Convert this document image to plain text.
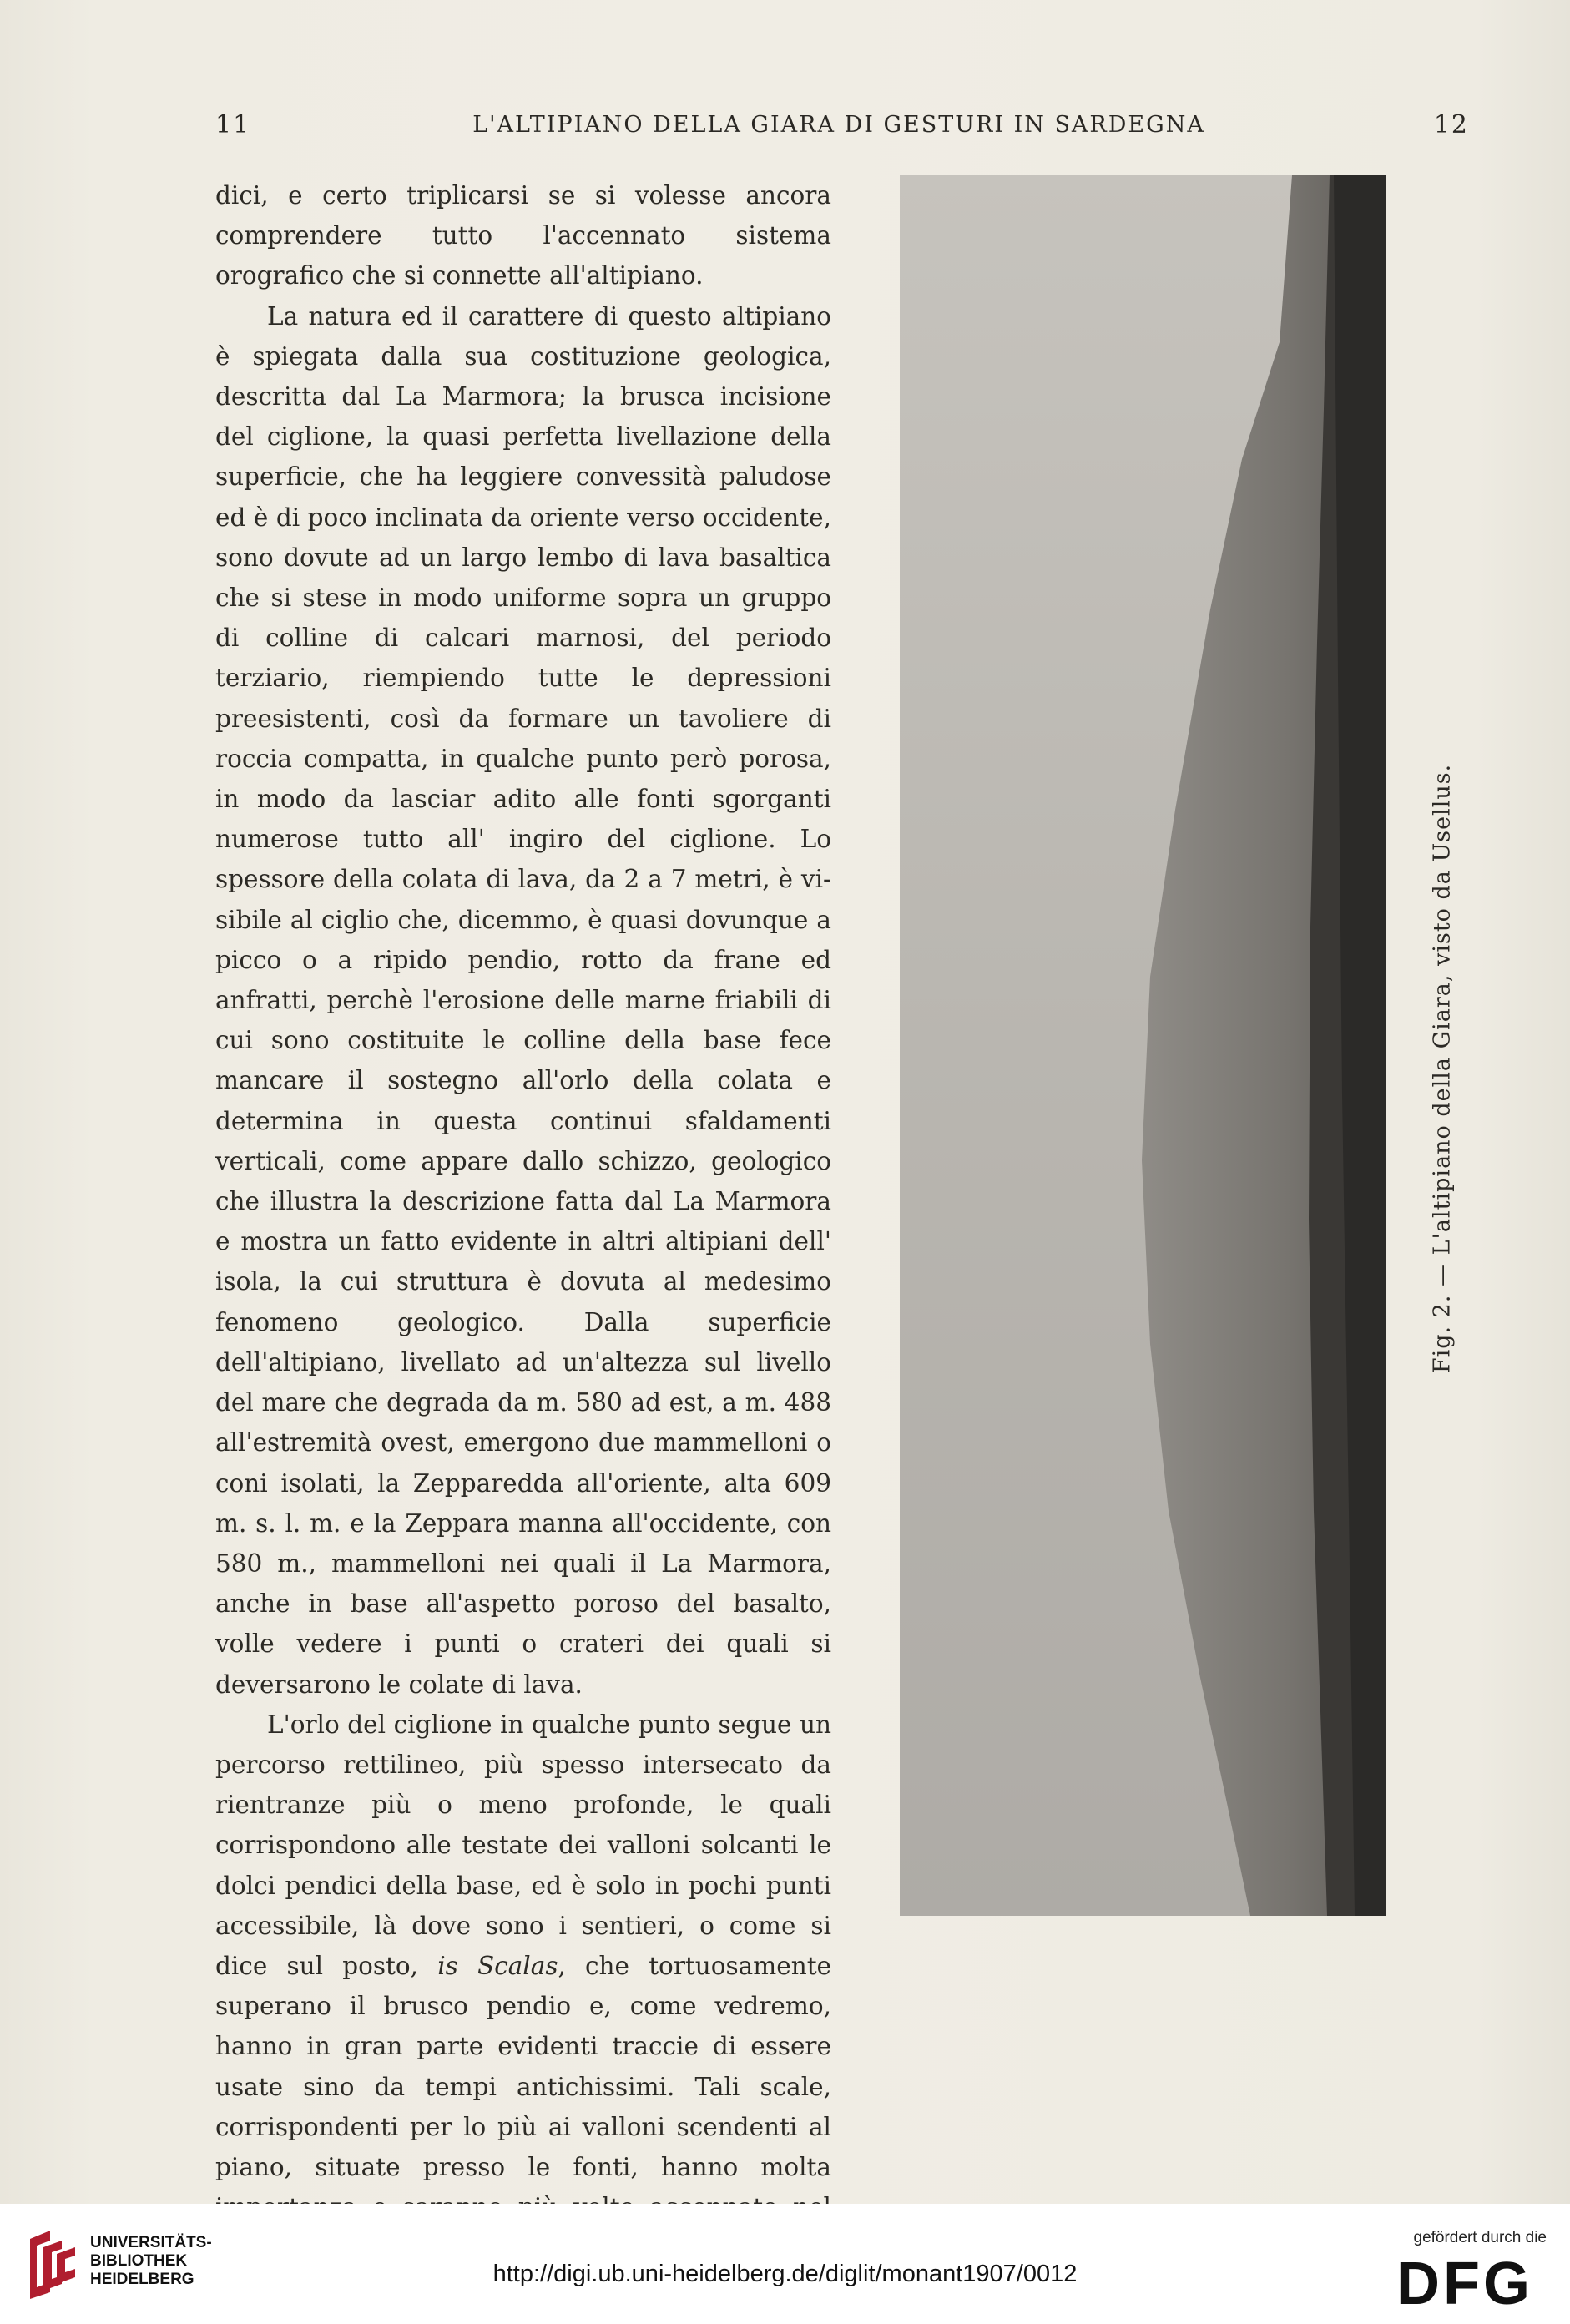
11	L'ALTIPIANO DELLA GIARA DI GESTURI IN SARDEGNA	12

dici, e certo triplicarsi se si volesse ancora comprendere tutto l'accennato sistema orografico che si connette all'altipiano.

La natura ed il carattere di questo altipiano è spiegata dalla sua costituzione geologica, descritta dal La Marmora; la brusca incisione del ciglione, la quasi perfetta livellazione della superficie, che ha leggiere convessità paludose ed è di poco inclinata da oriente verso occidente, sono dovute ad un largo lembo di lava basaltica che si stese in modo uniforme sopra un gruppo di colline di calcari marnosi, del periodo terziario, riempiendo tutte le depressioni preesistenti, così da formare un tavoliere di roccia compatta, in qualche punto però porosa, in modo da lasciar adito alle fonti sgorganti numerose tutto all' ingiro del ciglione. Lo spessore della colata di lava, da 2 a 7 metri, è visibile al ciglio che, dicemmo, è quasi dovunque a picco o a ripido pendio, rotto da frane ed anfratti, perchè l'erosione delle marne friabili di cui sono costituite le colline della base fece mancare il sostegno all'orlo della colata e determina in questa continui sfaldamenti verticali, come appare dallo schizzo, geologico che illustra la descrizione fatta dal La Marmora e mostra un fatto evidente in altri altipiani dell' isola, la cui struttura è dovuta al medesimo fenomeno geologico. Dalla superficie dell'altipiano, livellato ad un'altezza sul livello del mare che degrada da m. 580 ad est, a m. 488 all'estremità ovest, emergono due mammelloni o coni isolati, la Zepparedda all'oriente, alta 609 m. s. l. m. e la Zeppara manna all'occidente, con 580 m., mammelloni nei quali il La Marmora, anche in base all'aspetto poroso del basalto, volle vedere i punti o crateri dei quali si deversarono le colate di lava.

L'orlo del ciglione in qualche punto segue un percorso rettilineo, più spesso intersecato da rientranze più o meno profonde, le quali corrispondono alle testate dei valloni solcanti le dolci pendici della base, ed è solo in pochi punti accessibile, là dove sono i sentieri, o come si dice sul posto, is Scalas, che tortuosamente superano il brusco pendio e, come vedremo, hanno in gran parte evidenti traccie di essere usate sino da tempi antichissimi. Tali scale, corrispondenti per lo più ai valloni scendenti al piano, situate presso le fonti, hanno molta

Fig. 2. — L'altipiano della Giara, visto da Usellus.
UNIVERSITÄTS-
BIBLIOTHEK
HEIDELBERG	http://digi.ub.uni-heidelberg.de/diglit/monant1907/0012
gefördert durch die
DFG
